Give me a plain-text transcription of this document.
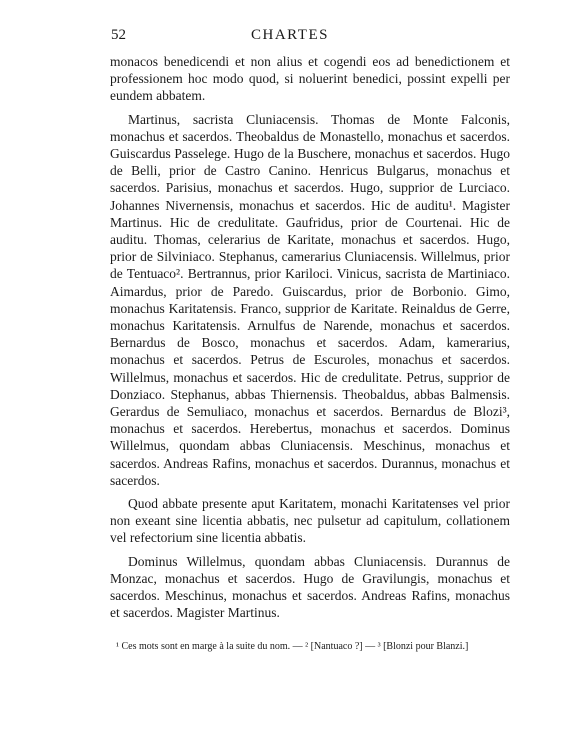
52	CHARTES

monacos benedicendi et non alius et cogendi eos ad benedictionem et professionem hoc modo quod, si noluerint benedici, possint expelli per eundem abbatem.

Martinus, sacrista Cluniacensis. Thomas de Monte Falconis, monachus et sacerdos. Theobaldus de Monastello, monachus et sacerdos. Guiscardus Passelege. Hugo de la Buschere, monachus et sacerdos. Hugo de Belli, prior de Castro Canino. Henricus Bulgarus, monachus et sacerdos. Parisius, monachus et sacerdos. Hugo, supprior de Lurciaco. Johannes Nivernensis, monachus et sacerdos. Hic de auditu¹. Magister Martinus. Hic de credulitate. Gaufridus, prior de Courtenai. Hic de auditu. Thomas, celerarius de Karitate, monachus et sacerdos. Hugo, prior de Silviniaco. Stephanus, camerarius Cluniacensis. Willelmus, prior de Tentuaco². Bertrannus, prior Kariloci. Vinicus, sacrista de Martiniaco. Aimardus, prior de Paredo. Guiscardus, prior de Borbonio. Gimo, monachus Karitatensis. Franco, supprior de Karitate. Reinaldus de Gerre, monachus Karitatensis. Arnulfus de Narende, monachus et sacerdos. Bernardus de Bosco, monachus et sacerdos. Adam, kamerarius, monachus et sacerdos. Petrus de Escuroles, monachus et sacerdos. Willelmus, monachus et sacerdos. Hic de credulitate. Petrus, supprior de Donziaco. Stephanus, abbas Thiernensis. Theobaldus, abbas Balmensis. Gerardus de Semuliaco, monachus et sacerdos. Bernardus de Blozi³, monachus et sacerdos. Herebertus, monachus et sacerdos. Dominus Willelmus, quondam abbas Cluniacensis. Meschinus, monachus et sacerdos. Andreas Rafins, monachus et sacerdos. Durannus, monachus et sacerdos.

Quod abbate presente aput Karitatem, monachi Karitatenses vel prior non exeant sine licentia abbatis, nec pulsetur ad capitulum, collationem vel refectorium sine licentia abbatis.

Dominus Willelmus, quondam abbas Cluniacensis. Durannus de Monzac, monachus et sacerdos. Hugo de Gravilungis, monachus et sacerdos. Meschinus, monachus et sacerdos. Andreas Rafins, monachus et sacerdos. Magister Martinus.

¹ Ces mots sont en marge à la suite du nom. — ² [Nantuaco ?] — ³ [Blonzi pour Blanzi.]
